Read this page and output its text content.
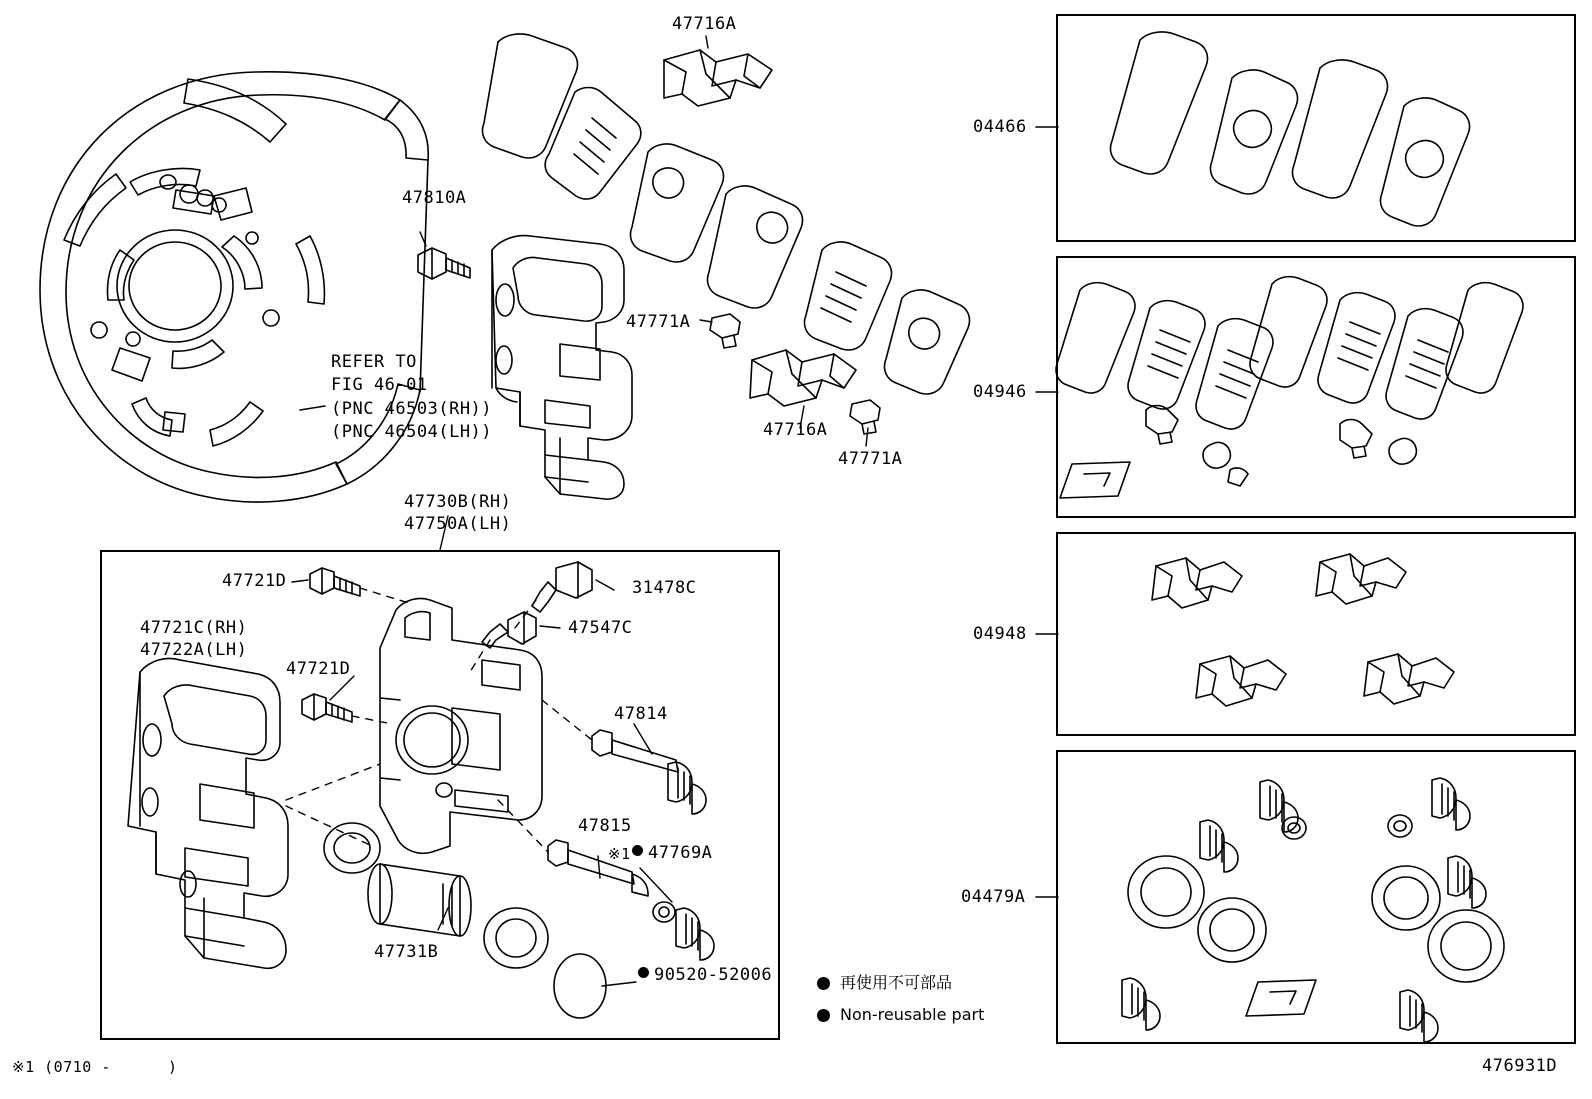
47716A
47810A
47771A
47716A
47771A
47730B(RH)
47750A(LH)
47721D	31478C
47547C
47721C(RH)
47722A(LH)
47721D
47814
47815
※1 47769A
47731B
90520-52006
REFER TO
FIG 46-01
(PNC 46503(RH))
(PNC 46504(LH))
04466
04946
04948
04479A
再使用不可部品
Non-reusable part
※1 (0710 -      )	476931D
